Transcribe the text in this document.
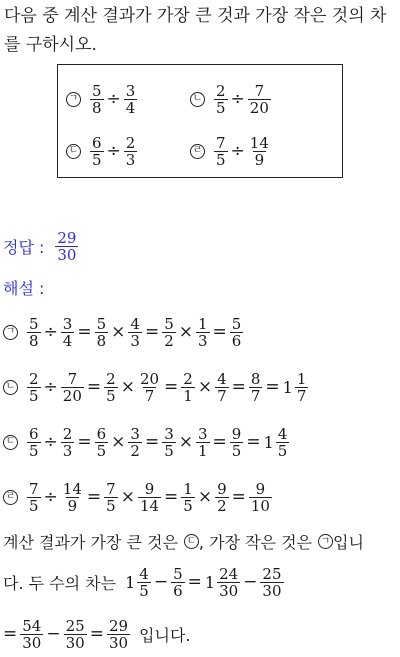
다음 중 계산 결과가 가장 큰 것과 가장 작은 것의 차를 구하시오.
ㄱ $\frac{5}{8} \div \frac{3}{4}$	ㄴ $\frac{2}{5} \div \frac{7}{20}$
ㄷ $\frac{6}{5} \div \frac{2}{3}$	ㄹ $\frac{7}{5} \div \frac{14}{9}$
정답 : $\frac{29}{30}$
해설 :
ㄱ $\frac{5}{8} \div \frac{3}{4} = \frac{5}{8} \times \frac{4}{3} = \frac{5}{2} \times \frac{1}{3} = \frac{5}{6}$
ㄴ $\frac{2}{5} \div \frac{7}{20} = \frac{2}{5} \times \frac{20}{7} = \frac{2}{1} \times \frac{4}{7} = \frac{8}{7} = 1 \frac{1}{7}$
ㄷ $\frac{6}{5} \div \frac{2}{3} = \frac{6}{5} \times \frac{3}{2} = \frac{3}{5} \times \frac{3}{1} = \frac{9}{5} = 1 \frac{4}{5}$
ㄹ $\frac{7}{5} \div \frac{14}{9} = \frac{7}{5} \times \frac{9}{14} = \frac{1}{5} \times \frac{9}{2} = \frac{9}{10}$
계산 결과가 가장 큰 것은 ㄷ , 가장 작은 것은 ㄱ 입니
다. 두 수의 차는 $1 \frac{4}{5} - \frac{5}{6} = 1 \frac{24}{30} - \frac{25}{30}$
= $\frac{54}{30} - \frac{25}{30} = \frac{29}{30}$ 입니다.
